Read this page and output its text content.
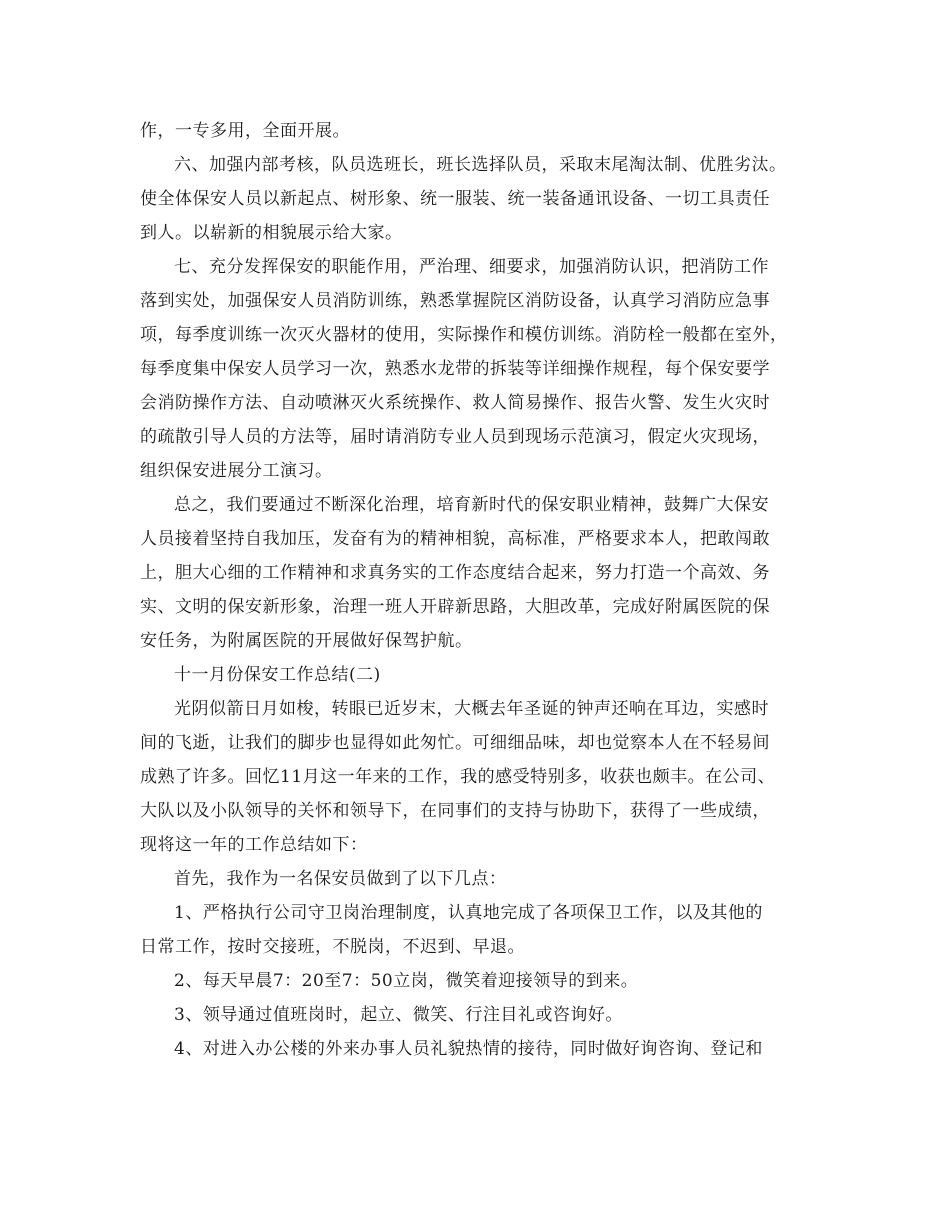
作，一专多用，全面开展。
六、加强内部考核，队员选班长，班长选择队员，采取末尾淘汰制、优胜劣汰。
使全体保安人员以新起点、树形象、统一服装、统一装备通讯设备、一切工具责任
到人。以崭新的相貌展示给大家。
七、充分发挥保安的职能作用，严治理、细要求，加强消防认识，把消防工作
落到实处，加强保安人员消防训练，熟悉掌握院区消防设备，认真学习消防应急事
项，每季度训练一次灭火器材的使用，实际操作和模仿训练。消防栓一般都在室外，
每季度集中保安人员学习一次，熟悉水龙带的拆装等详细操作规程，每个保安要学
会消防操作方法、自动喷淋灭火系统操作、救人简易操作、报告火警、发生火灾时
的疏散引导人员的方法等，届时请消防专业人员到现场示范演习，假定火灾现场，
组织保安进展分工演习。
总之，我们要通过不断深化治理，培育新时代的保安职业精神，鼓舞广大保安
人员接着坚持自我加压，发奋有为的精神相貌，高标准，严格要求本人，把敢闯敢
上，胆大心细的工作精神和求真务实的工作态度结合起来，努力打造一个高效、务
实、文明的保安新形象，治理一班人开辟新思路，大胆改革，完成好附属医院的保
安任务，为附属医院的开展做好保驾护航。
十一月份保安工作总结(二)
光阴似箭日月如梭，转眼已近岁末，大概去年圣诞的钟声还响在耳边，实感时
间的飞逝，让我们的脚步也显得如此匆忙。可细细品味，却也觉察本人在不轻易间
成熟了许多。回忆11月这一年来的工作，我的感受特别多，收获也颇丰。在公司、
大队以及小队领导的关怀和领导下，在同事们的支持与协助下，获得了一些成绩，
现将这一年的工作总结如下：
首先，我作为一名保安员做到了以下几点：
1、严格执行公司守卫岗治理制度，认真地完成了各项保卫工作，以及其他的
日常工作，按时交接班，不脱岗，不迟到、早退。
2、每天早晨7：20至7：50立岗，微笑着迎接领导的到来。
3、领导通过值班岗时，起立、微笑、行注目礼或咨询好。
4、对进入办公楼的外来办事人员礼貌热情的接待，同时做好询咨询、登记和
